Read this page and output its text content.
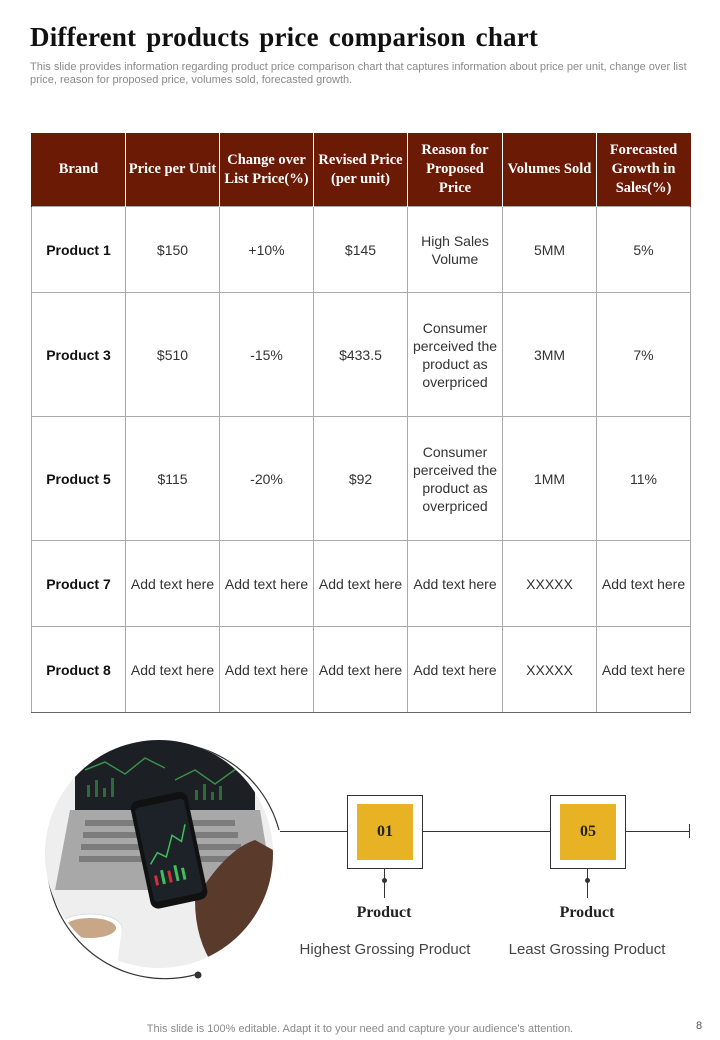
Different products price comparison chart
This slide provides information regarding product price comparison chart that captures information about price per unit, change over list price, reason for proposed price, volumes sold, forecasted growth.
Brand	Price per Unit	Change over List Price(%)	Revised Price (per unit)	Reason for Proposed Price	Volumes Sold	Forecasted Growth in Sales(%)
Product 1	$150	+10%	$145	High Sales Volume	5MM	5%
Product 3	$510	-15%	$433.5	Consumer perceived the product as overpriced	3MM	7%
Product 5	$115	-20%	$92	Consumer perceived the product as overpriced	1MM	11%
Product 7	Add text here	Add text here	Add text here	Add text here	XXXXX	Add text here
Product 8	Add text here	Add text here	Add text here	Add text here	XXXXX	Add text here
01
Product
Highest Grossing Product
05
Product
Least Grossing Product
This slide is 100% editable. Adapt it to your need and capture your audience's attention.	8
